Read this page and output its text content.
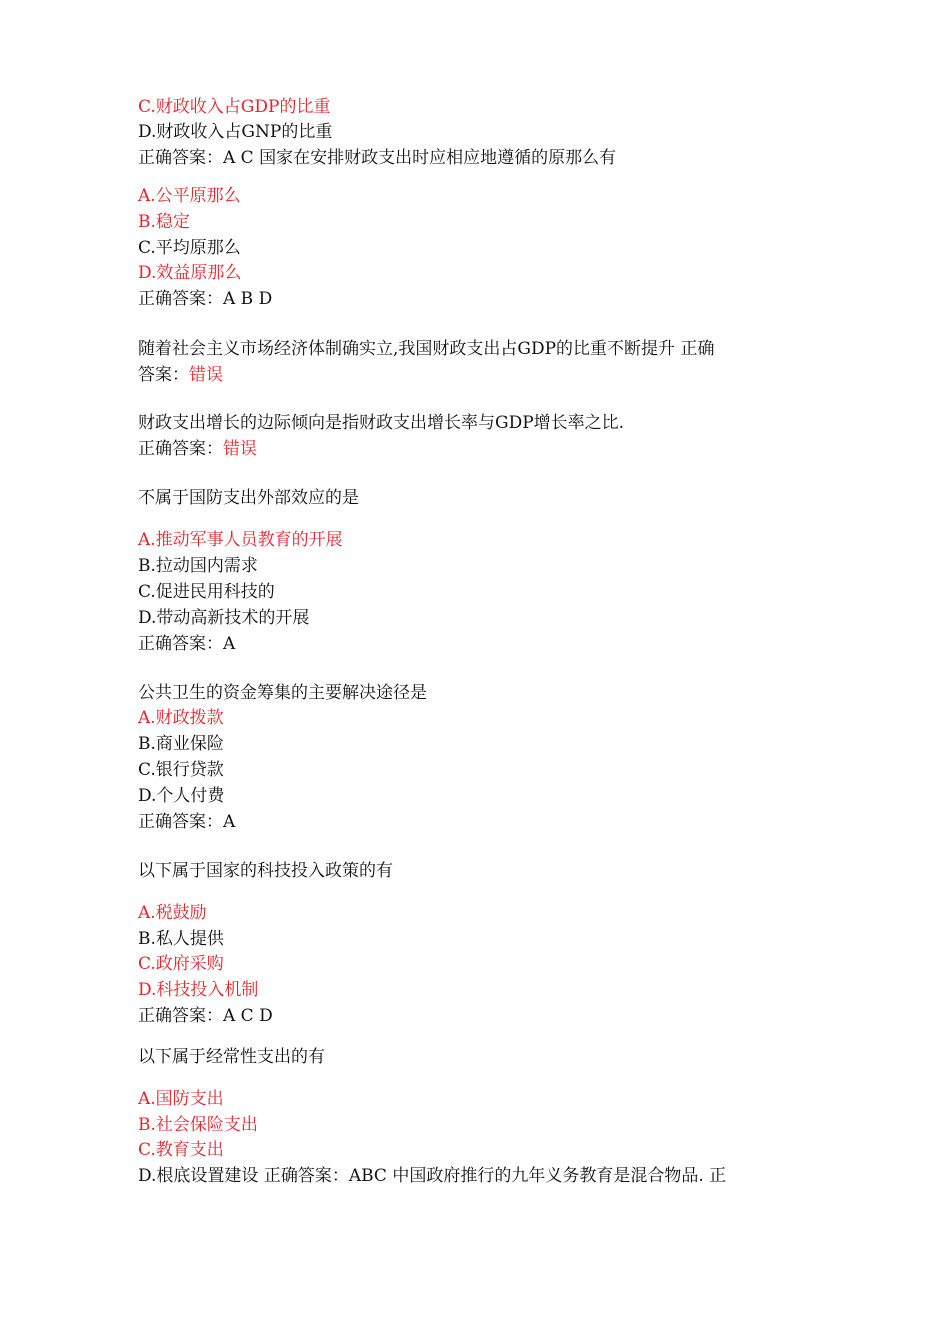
C.财政收入占GDP的比重
D.财政收入占GNP的比重
正确答案：A C 国家在安排财政支出时应相应地遵循的原那么有
A.公平原那么
B.稳定
C.平均原那么
D.效益原那么
正确答案：A B D
随着社会主义市场经济体制确实立,我国财政支出占GDP的比重不断提升 正确
答案：错误
财政支出增长的边际倾向是指财政支出增长率与GDP增长率之比.
正确答案：错误
不属于国防支出外部效应的是
A.推动军事人员教育的开展
B.拉动国内需求
C.促进民用科技的
D.带动高新技术的开展
正确答案：A
公共卫生的资金筹集的主要解决途径是
A.财政拨款
B.商业保险
C.银行贷款
D.个人付费
正确答案：A
以下属于国家的科技投入政策的有
A.税鼓励
B.私人提供
C.政府采购
D.科技投入机制
正确答案：A C D
以下属于经常性支出的有
A.国防支出
B.社会保险支出
C.教育支出
D.根底设置建设 正确答案：ABC 中国政府推行的九年义务教育是混合物品. 正
